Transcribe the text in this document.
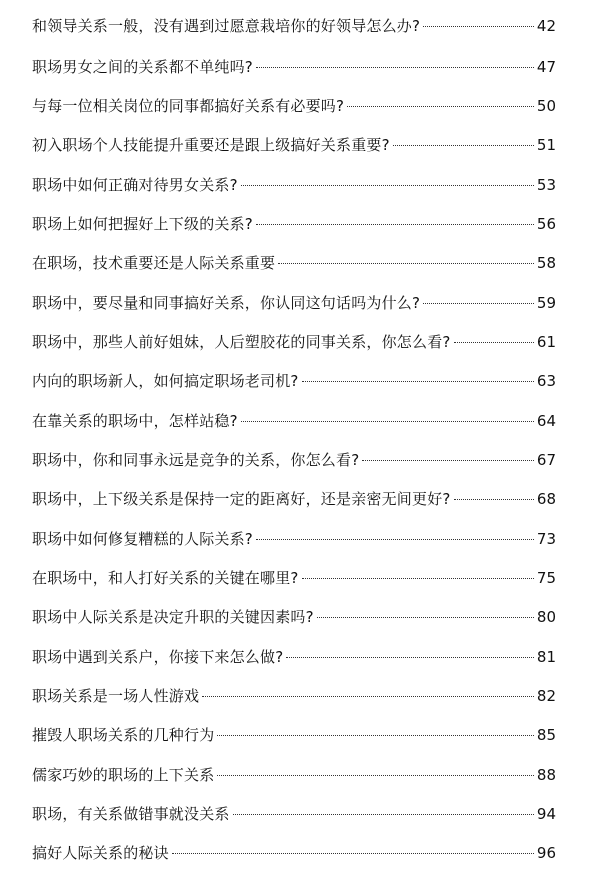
和领导关系一般，没有遇到过愿意栽培你的好领导怎么办?	42
职场男女之间的关系都不单纯吗?	47
与每一位相关岗位的同事都搞好关系有必要吗?	50
初入职场个人技能提升重要还是跟上级搞好关系重要?	51
职场中如何正确对待男女关系?	53
职场上如何把握好上下级的关系?	56
在职场，技术重要还是人际关系重要	58
职场中，要尽量和同事搞好关系，你认同这句话吗为什么?	59
职场中，那些人前好姐妹，人后塑胶花的同事关系，你怎么看?	61
内向的职场新人，如何搞定职场老司机?	63
在靠关系的职场中，怎样站稳?	64
职场中，你和同事永远是竞争的关系，你怎么看?	67
职场中，上下级关系是保持一定的距离好，还是亲密无间更好?	68
职场中如何修复糟糕的人际关系?	73
在职场中，和人打好关系的关键在哪里?	75
职场中人际关系是决定升职的关键因素吗?	80
职场中遇到关系户，你接下来怎么做?	81
职场关系是一场人性游戏	82
摧毁人职场关系的几种行为	85
儒家巧妙的职场的上下关系	88
职场，有关系做错事就没关系	94
搞好人际关系的秘诀	96
